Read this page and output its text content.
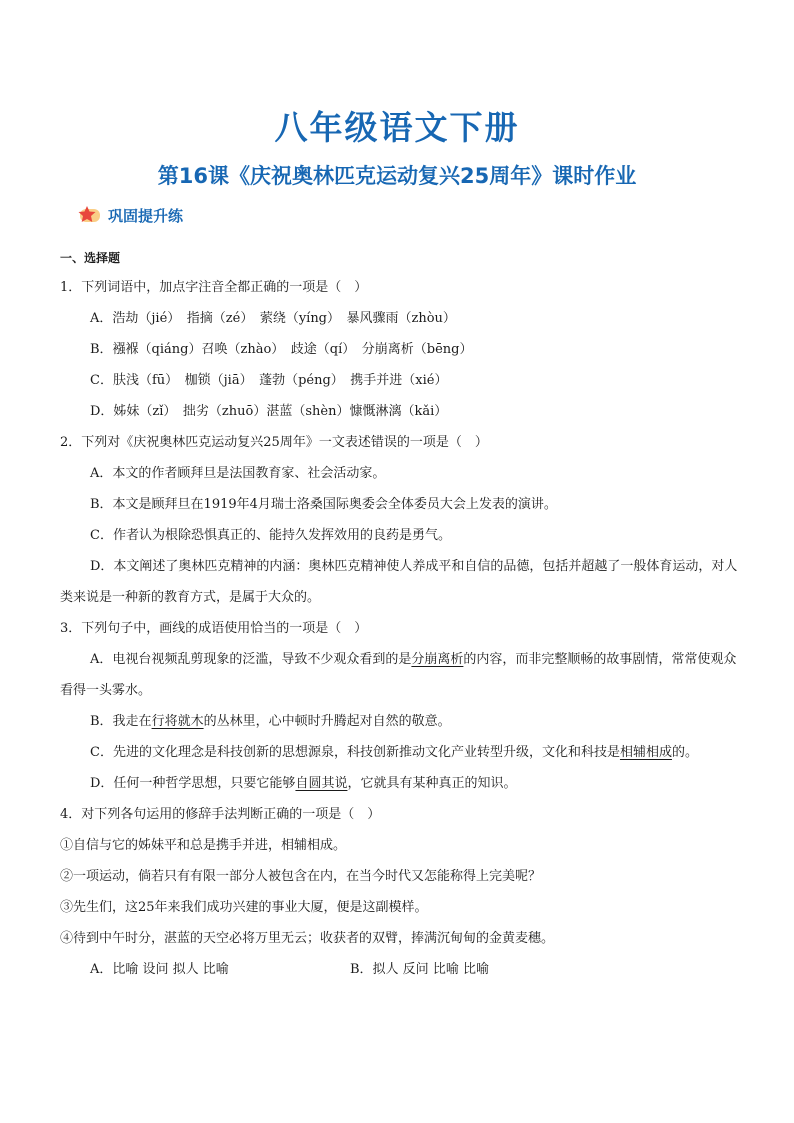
八年级语文下册
第16课《庆祝奥林匹克运动复兴25周年》课时作业
巩固提升练
一、选择题
1．下列词语中，加点字注音全都正确的一项是（　）
A．浩劫（jié）　指摘（zé）　萦绕（yíng）　暴风骤雨（zhòu）
B．襁褓（qiáng）召唤（zhào）　歧途（qí）　分崩离析（bēng）
C．肤浅（fū）　枷锁（jiā）　蓬勃（péng）　携手并进（xié）
D．姊妹（zǐ）　拙劣（zhuō）湛蓝（shèn）慷慨淋漓（kǎi）
2．下列对《庆祝奥林匹克运动复兴25周年》一文表述错误的一项是（　）
A．本文的作者顾拜旦是法国教育家、社会活动家。
B．本文是顾拜旦在1919年4月瑞士洛桑国际奥委会全体委员大会上发表的演讲。
C．作者认为根除恐惧真正的、能持久发挥效用的良药是勇气。
D．本文阐述了奥林匹克精神的内涵：奥林匹克精神使人养成平和自信的品德，包括并超越了一般体育运动，对人类来说是一种新的教育方式，是属于大众的。
3．下列句子中，画线的成语使用恰当的一项是（　）
A．电视台视频乱剪现象的泛滥，导致不少观众看到的是分崩离析的内容，而非完整顺畅的故事剧情，常常使观众看得一头雾水。
B．我走在行将就木的丛林里，心中顿时升腾起对自然的敬意。
C．先进的文化理念是科技创新的思想源泉，科技创新推动文化产业转型升级，文化和科技是相辅相成的。
D．任何一种哲学思想，只要它能够自圆其说，它就具有某种真正的知识。
4．对下列各句运用的修辞手法判断正确的一项是（　）
①自信与它的姊妹平和总是携手并进，相辅相成。
②一项运动，倘若只有有限一部分人被包含在内，在当今时代又怎能称得上完美呢？
③先生们，这25年来我们成功兴建的事业大厦，便是这副模样。
④待到中午时分，湛蓝的天空必将万里无云；收获者的双臂，捧满沉甸甸的金黄麦穗。
A．比喻 设问 拟人 比喻	B．拟人 反问 比喻 比喻
